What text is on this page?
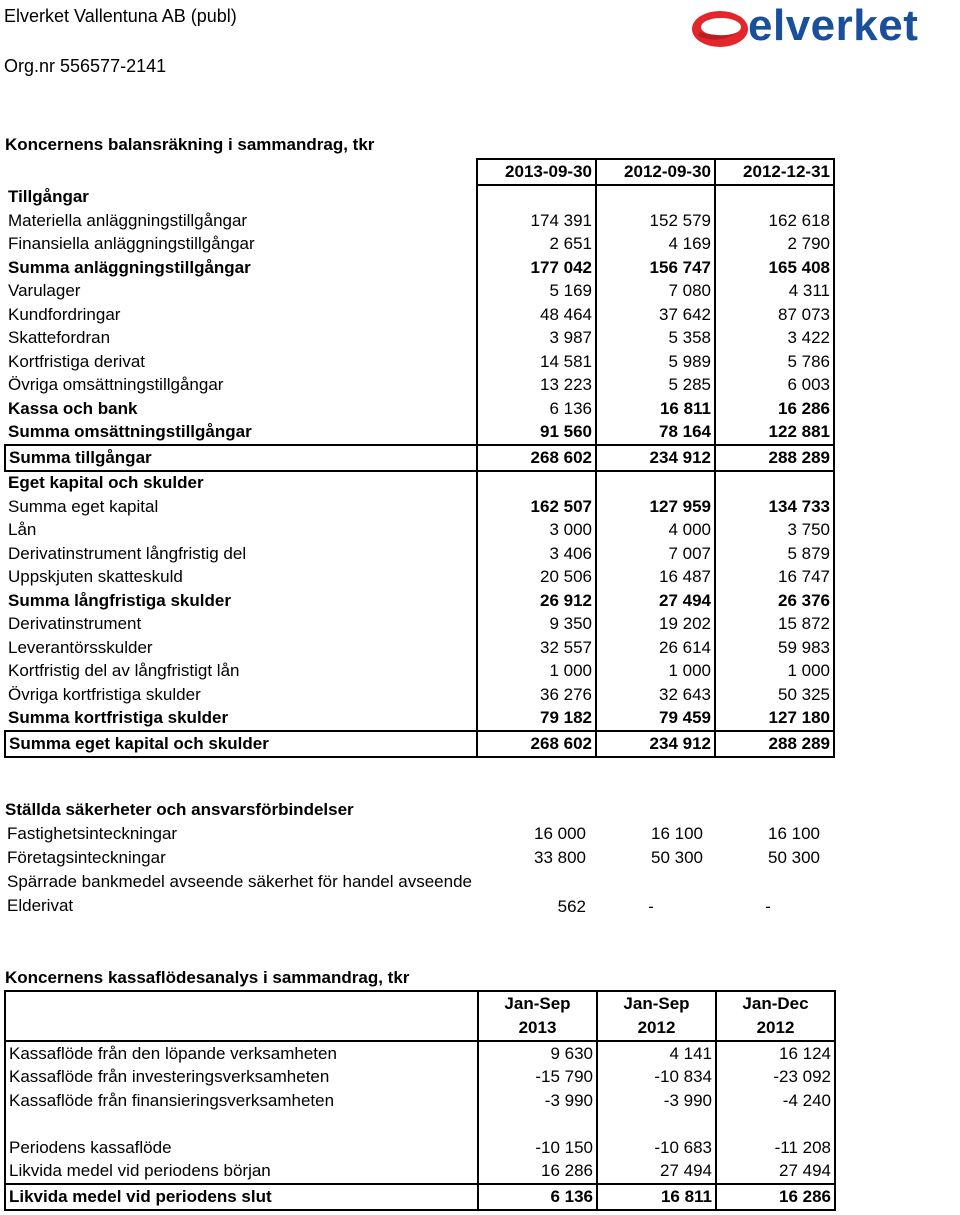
Elverket Vallentuna AB (publ)
Org.nr 556577-2141
elverket
Koncernens balansräkning i sammandrag, tkr
	2013-09-30	2012-09-30	2012-12-31
Tillgångar			
Materiella anläggningstillgångar	174 391	152 579	162 618
Finansiella anläggningstillgångar	2 651	4 169	2 790
Summa anläggningstillgångar	177 042	156 747	165 408
Varulager	5 169	7 080	4 311
Kundfordringar	48 464	37 642	87 073
Skattefordran	3 987	5 358	3 422
Kortfristiga derivat	14 581	5 989	5 786
Övriga omsättningstillgångar	13 223	5 285	6 003
Kassa och bank	6 136	16 811	16 286
Summa omsättningstillgångar	91 560	78 164	122 881
Summa tillgångar	268 602	234 912	288 289
Eget kapital och skulder			
Summa eget kapital	162 507	127 959	134 733
Lån	3 000	4 000	3 750
Derivatinstrument långfristig del	3 406	7 007	5 879
Uppskjuten skatteskuld	20 506	16 487	16 747
Summa långfristiga skulder	26 912	27 494	26 376
Derivatinstrument	9 350	19 202	15 872
Leverantörsskulder	32 557	26 614	59 983
Kortfristig del av långfristigt lån	1 000	1 000	1 000
Övriga kortfristiga skulder	36 276	32 643	50 325
Summa kortfristiga skulder	79 182	79 459	127 180
Summa eget kapital och skulder	268 602	234 912	288 289
Ställda säkerheter och ansvarsförbindelser
Fastighetsinteckningar	16 000	16 100	16 100
Företagsinteckningar	33 800	50 300	50 300
Spärrade bankmedel avseende säkerhet för handel avseende Elderivat	562	-	-
Koncernens kassaflödesanalys i sammandrag, tkr
	Jan-Sep	Jan-Sep	Jan-Dec
	2013	2012	2012
Kassaflöde från den löpande verksamheten	9 630	4 141	16 124
Kassaflöde från investeringsverksamheten	-15 790	-10 834	-23 092
Kassaflöde från finansieringsverksamheten	-3 990	-3 990	-4 240

Periodens kassaflöde	-10 150	-10 683	-11 208
Likvida medel vid periodens början	16 286	27 494	27 494
Likvida medel vid periodens slut	6 136	16 811	16 286
